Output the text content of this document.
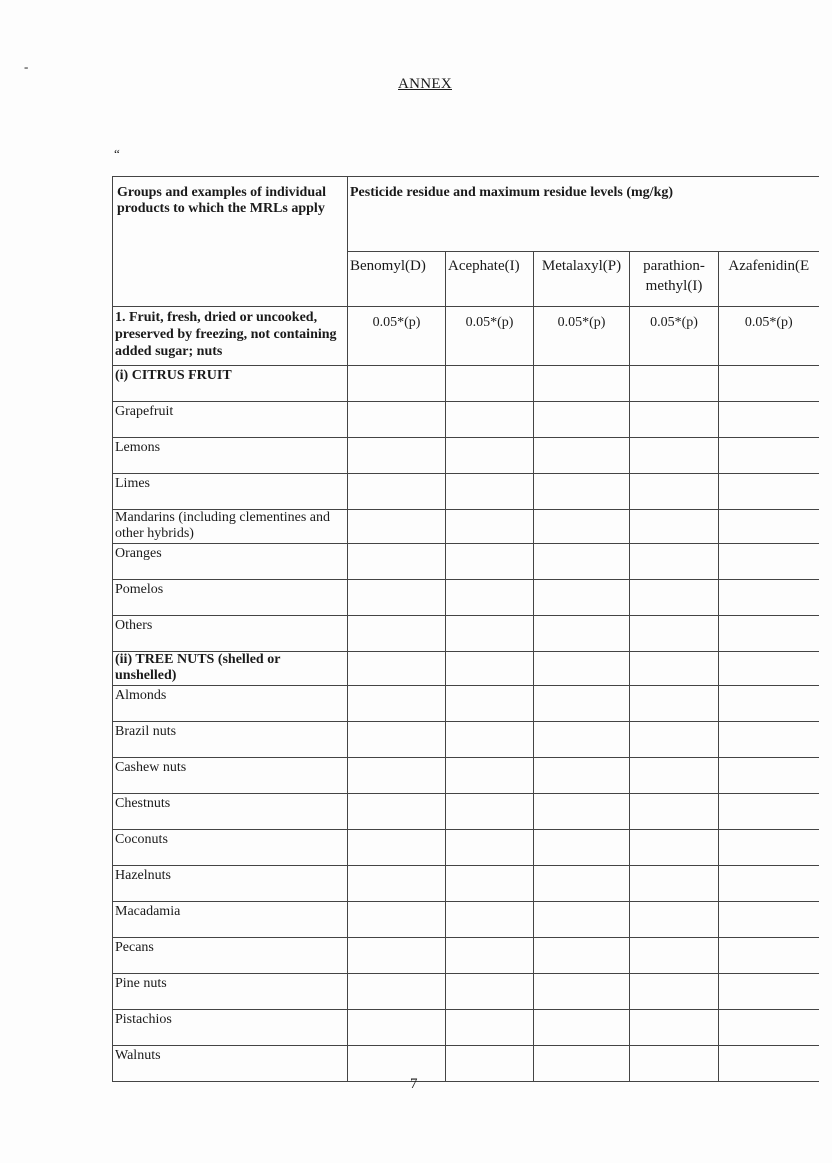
-
ANNEX
“
Groups and examples of individual products to which the MRLs apply	Pesticide residue and maximum residue levels (mg/kg)				
	Benomyl(D)	Acephate(I)	Metalaxyl(P)	parathion-methyl(I)	Azafenidin(E
1. Fruit, fresh, dried or uncooked, preserved by freezing, not containing added sugar; nuts	0.05*(p)	0.05*(p)	0.05*(p)	0.05*(p)	0.05*(p)
(i) CITRUS FRUIT					
Grapefruit					
Lemons					
Limes					
Mandarins (including clementines and other hybrids)					
Oranges					
Pomelos					
Others					
(ii) TREE NUTS (shelled or unshelled)					
Almonds					
Brazil nuts					
Cashew nuts					
Chestnuts					
Coconuts					
Hazelnuts					
Macadamia					
Pecans					
Pine nuts					
Pistachios					
Walnuts					
7
